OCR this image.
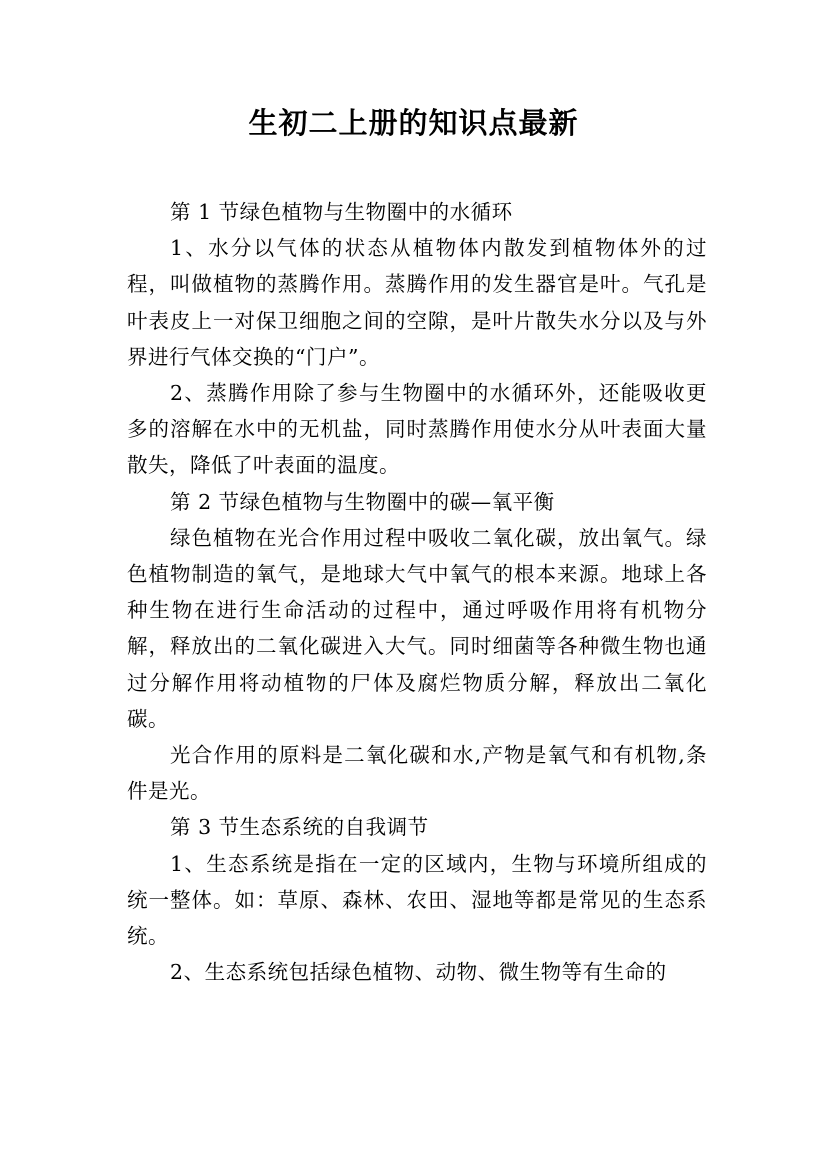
生初二上册的知识点最新

第 1 节绿色植物与生物圈中的水循环

1、水分以气体的状态从植物体内散发到植物体外的过程，叫做植物的蒸腾作用。蒸腾作用的发生器官是叶。气孔是叶表皮上一对保卫细胞之间的空隙，是叶片散失水分以及与外界进行气体交换的“门户”。

2、蒸腾作用除了参与生物圈中的水循环外，还能吸收更多的溶解在水中的无机盐，同时蒸腾作用使水分从叶表面大量散失，降低了叶表面的温度。

第 2 节绿色植物与生物圈中的碳—氧平衡

绿色植物在光合作用过程中吸收二氧化碳，放出氧气。绿色植物制造的氧气，是地球大气中氧气的根本来源。地球上各种生物在进行生命活动的过程中，通过呼吸作用将有机物分解，释放出的二氧化碳进入大气。同时细菌等各种微生物也通过分解作用将动植物的尸体及腐烂物质分解，释放出二氧化碳。

光合作用的原料是二氧化碳和水,产物是氧气和有机物,条件是光。

第 3 节生态系统的自我调节

1、生态系统是指在一定的区域内，生物与环境所组成的统一整体。如：草原、森林、农田、湿地等都是常见的生态系统。

2、生态系统包括绿色植物、动物、微生物等有生命的
